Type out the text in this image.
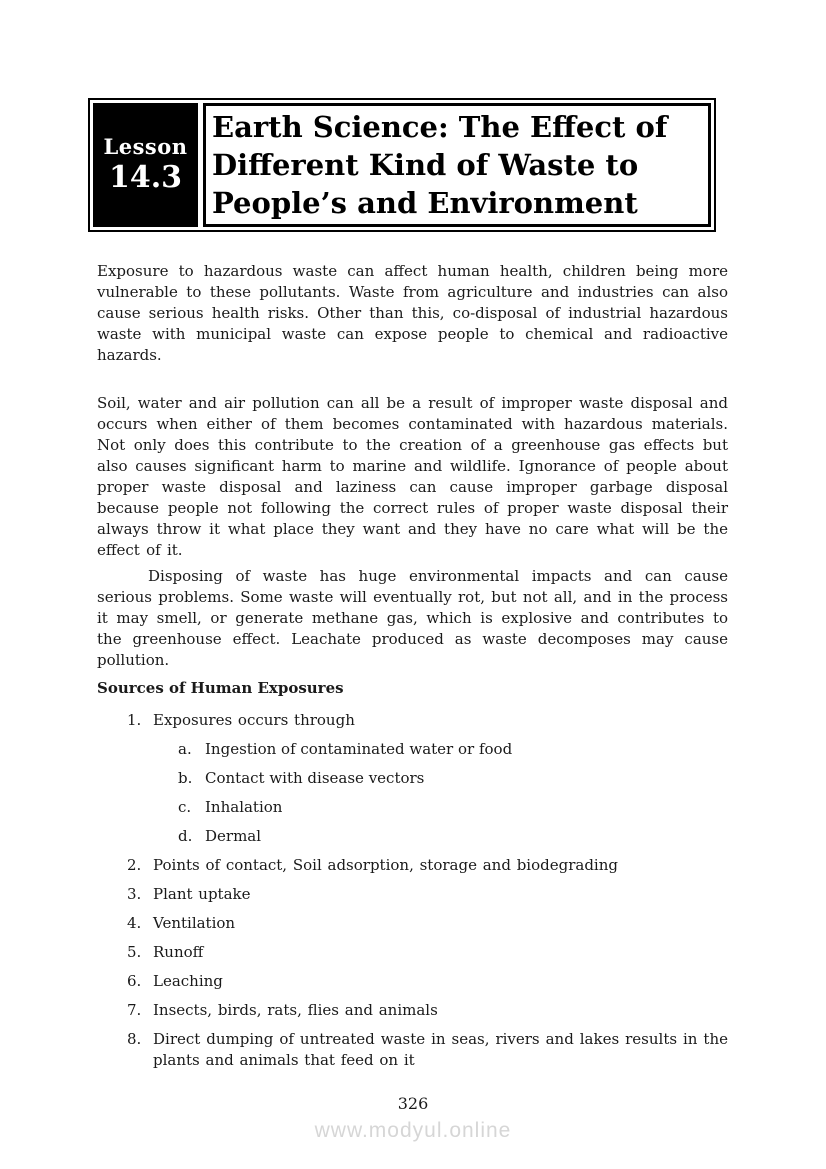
Lesson
14.3
Earth Science: The Effect of
Different Kind of Waste to
People’s and Environment

Exposure to hazardous waste can affect human health, children being more vulnerable to these pollutants. Waste from agriculture and industries can also cause serious health risks. Other than this, co-disposal of industrial hazardous waste with municipal waste can expose people to chemical and radioactive hazards.

Soil, water and air pollution can all be a result of improper waste disposal and occurs when either of them becomes contaminated with hazardous materials. Not only does this contribute to the creation of a greenhouse gas effects but also causes significant harm to marine and wildlife. Ignorance of people about proper waste disposal and laziness can cause improper garbage disposal because people not following the correct rules of proper waste disposal their always throw it what place they want and they have no care what will be the effect of it.

Disposing of waste has huge environmental impacts and can cause serious problems. Some waste will eventually rot, but not all, and in the process it may smell, or generate methane gas, which is explosive and contributes to the greenhouse effect. Leachate produced as waste decomposes may cause pollution.

Sources of Human Exposures
1. Exposures occurs through
a. Ingestion of contaminated water or food
b. Contact with disease vectors
c. Inhalation
d. Dermal
2. Points of contact, Soil adsorption, storage and biodegrading
3. Plant uptake
4. Ventilation
5. Runoff
6. Leaching
7. Insects, birds, rats, flies and animals
8. Direct dumping of untreated waste in seas, rivers and lakes results in the plants and animals that feed on it
326
www.modyul.online
